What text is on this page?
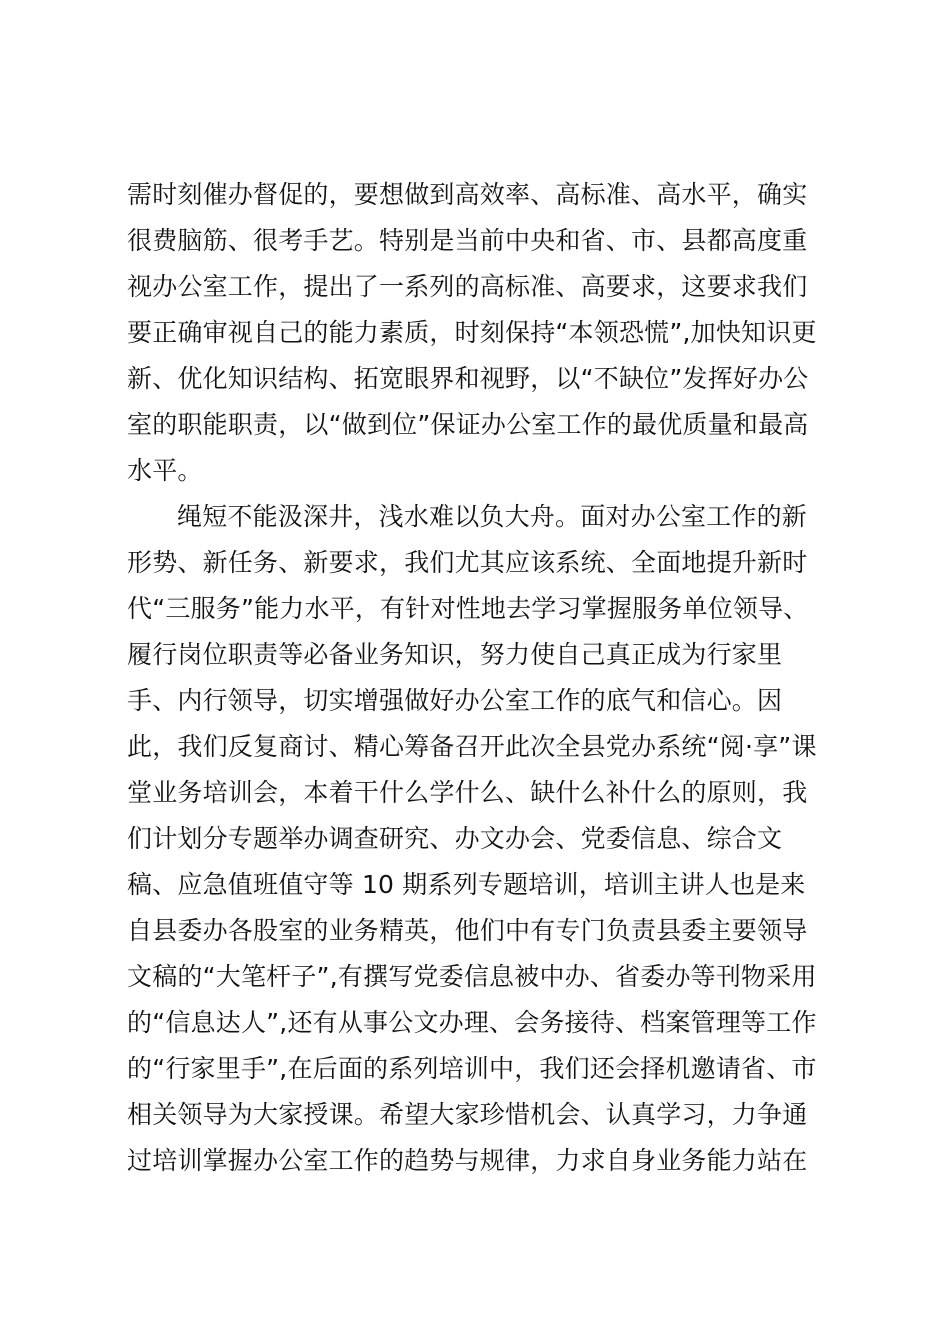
需时刻催办督促的，要想做到高效率、高标准、高水平，确实
很费脑筋、很考手艺。特别是当前中央和省、市、县都高度重
视办公室工作，提出了一系列的高标准、高要求，这要求我们
要正确审视自己的能力素质，时刻保持“本领恐慌”,加快知识更
新、优化知识结构、拓宽眼界和视野，以“不缺位”发挥好办公
室的职能职责，以“做到位”保证办公室工作的最优质量和最高
水平。
绳短不能汲深井，浅水难以负大舟。面对办公室工作的新
形势、新任务、新要求，我们尤其应该系统、全面地提升新时
代“三服务”能力水平，有针对性地去学习掌握服务单位领导、
履行岗位职责等必备业务知识，努力使自己真正成为行家里
手、内行领导，切实增强做好办公室工作的底气和信心。因
此，我们反复商讨、精心筹备召开此次全县党办系统“阅·享”课
堂业务培训会，本着干什么学什么、缺什么补什么的原则，我
们计划分专题举办调查研究、办文办会、党委信息、综合文
稿、应急值班值守等 10 期系列专题培训，培训主讲人也是来
自县委办各股室的业务精英，他们中有专门负责县委主要领导
文稿的“大笔杆子”,有撰写党委信息被中办、省委办等刊物采用
的“信息达人”,还有从事公文办理、会务接待、档案管理等工作
的“行家里手”,在后面的系列培训中，我们还会择机邀请省、市
相关领导为大家授课。希望大家珍惜机会、认真学习，力争通
过培训掌握办公室工作的趋势与规律，力求自身业务能力站在
